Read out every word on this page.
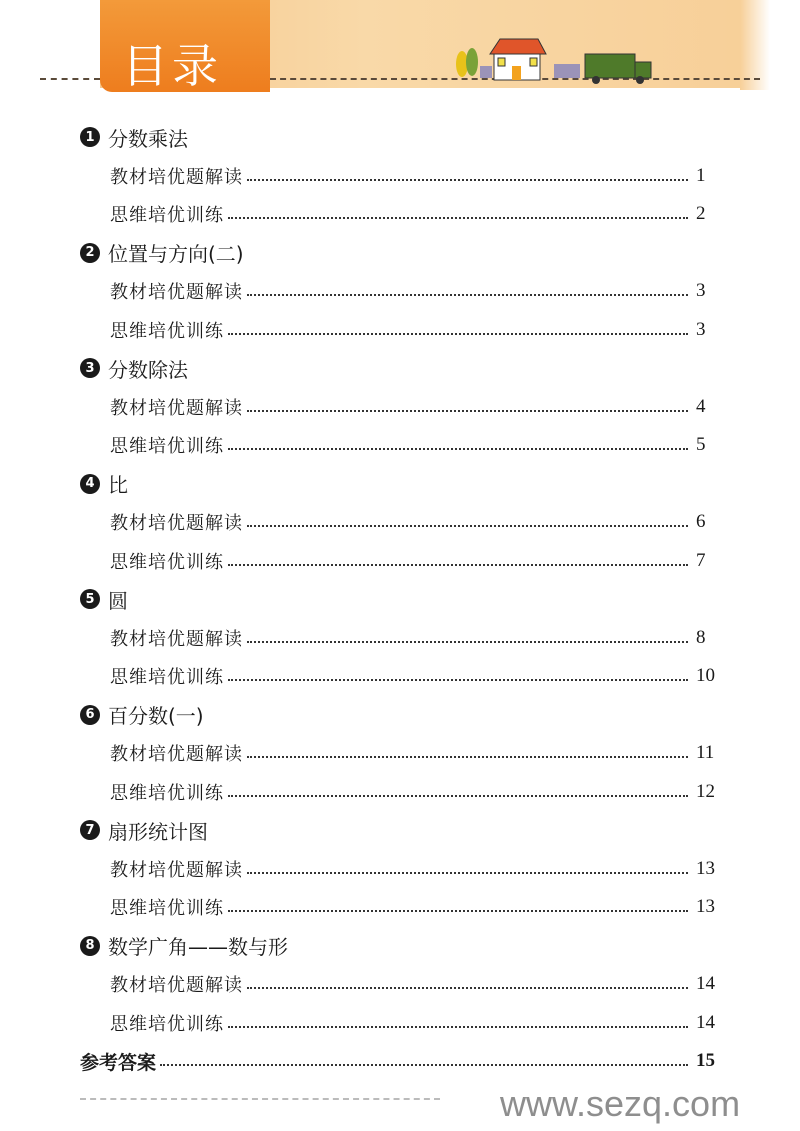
目录
1 分数乘法
教材培优题解读	1
思维培优训练	2
2 位置与方向(二)
教材培优题解读	3
思维培优训练	3
3 分数除法
教材培优题解读	4
思维培优训练	5
4 比
教材培优题解读	6
思维培优训练	7
5 圆
教材培优题解读	8
思维培优训练	10
6 百分数(一)
教材培优题解读	11
思维培优训练	12
7 扇形统计图
教材培优题解读	13
思维培优训练	13
8 数学广角——数与形
教材培优题解读	14
思维培优训练	14
参考答案	15
www.sezq.com
